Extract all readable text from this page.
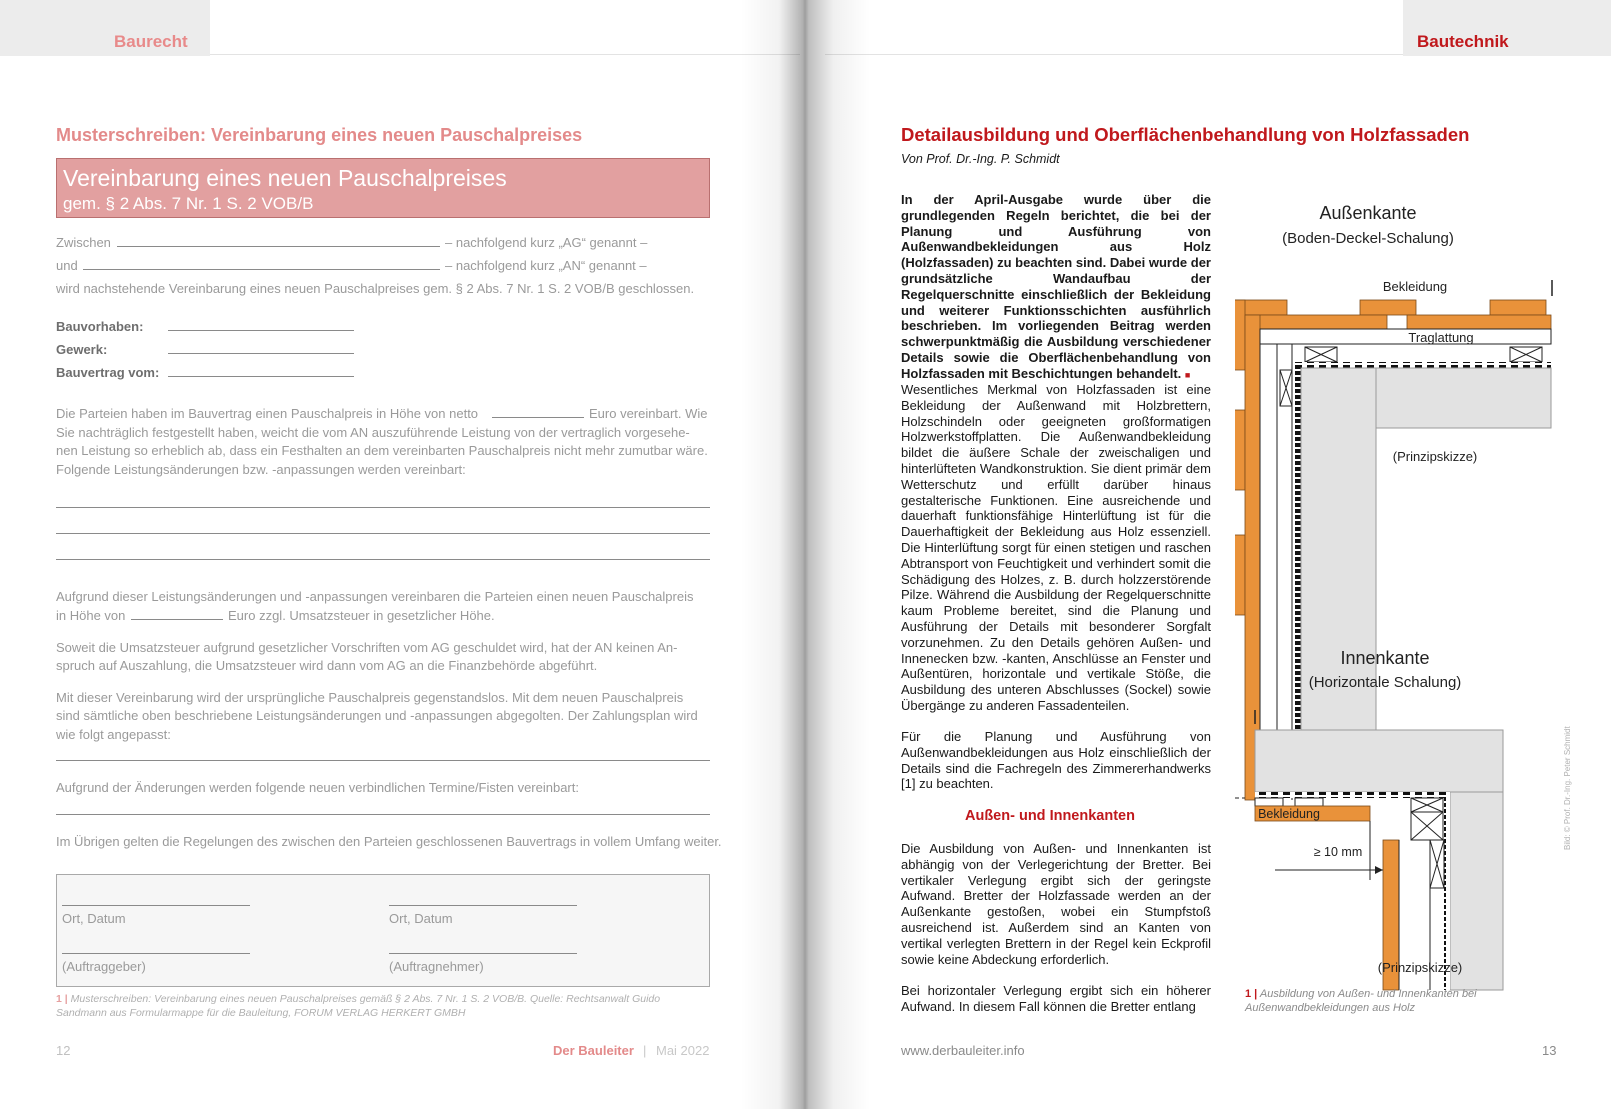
Baurecht
Musterschreiben: Vereinbarung eines neuen Pauschalpreises
Vereinbarung eines neuen Pauschalpreises
gem. § 2 Abs. 7 Nr. 1 S. 2 VOB/B
Zwischen	– nachfolgend kurz „AG“ genannt –
und	– nachfolgend kurz „AN“ genannt –
wird nachstehende Vereinbarung eines neuen Pauschalpreises gem. § 2 Abs. 7 Nr. 1 S. 2 VOB/B geschlossen.
Bauvorhaben:
Gewerk:
Bauvertrag vom:
Die Parteien haben im Bauvertrag einen Pauschalpreis in Höhe von netto	Euro vereinbart. Wie
Sie nachträglich festgestellt haben, weicht die vom AN auszuführende Leistung von der vertraglich vorgesehe-
nen Leistung so erheblich ab, dass ein Festhalten an dem vereinbarten Pauschalpreis nicht mehr zumutbar wäre.
Folgende Leistungsänderungen bzw. -anpassungen werden vereinbart:
Aufgrund dieser Leistungsänderungen und -anpassungen vereinbaren die Parteien einen neuen Pauschalpreis
in Höhe von	Euro zzgl. Umsatzsteuer in gesetzlicher Höhe.
Soweit die Umsatzsteuer aufgrund gesetzlicher Vorschriften vom AG geschuldet wird, hat der AN keinen An-
spruch auf Auszahlung, die Umsatzsteuer wird dann vom AG an die Finanzbehörde abgeführt.
Mit dieser Vereinbarung wird der ursprüngliche Pauschalpreis gegenstandslos. Mit dem neuen Pauschalpreis
sind sämtliche oben beschriebene Leistungsänderungen und -anpassungen abgegolten. Der Zahlungsplan wird
wie folgt angepasst:
Aufgrund der Änderungen werden folgende neuen verbindlichen Termine/Fisten vereinbart:
Im Übrigen gelten die Regelungen des zwischen den Parteien geschlossenen Bauvertrags in vollem Umfang weiter.
Ort, Datum	Ort, Datum
(Auftraggeber)	(Auftragnehmer)
1 | Musterschreiben: Vereinbarung eines neuen Pauschalpreises gemäß § 2 Abs. 7 Nr. 1 S. 2 VOB/B. Quelle: Rechtsanwalt Guido
Sandmann aus Formularmappe für die Bauleitung, FORUM VERLAG HERKERT GMBH
12	Der Bauleiter | Mai 2022
Bautechnik
Detailausbildung und Oberflächenbehandlung von Holzfassaden
Von Prof. Dr.-Ing. P. Schmidt
In der April-Ausgabe wurde über die grundlegenden Regeln berichtet, die bei der Planung und Ausführung von Außenwandbekleidungen aus Holz (Holzfassaden) zu beachten sind. Dabei wurde der grundsätzliche Wandaufbau der Regelquerschnitte einschließlich der Bekleidung und weiterer Funktionsschichten ausführlich beschrieben. Im vorliegenden Beitrag werden schwerpunktmäßig die Ausbildung verschiedener Details sowie die Oberflächenbehandlung von Holzfassaden mit Beschichtungen behandelt. ■
Wesentliches Merkmal von Holzfassaden ist eine Bekleidung der Außenwand mit Holzbrettern, Holzschindeln oder geeigneten großformatigen Holzwerkstoffplatten. Die Außenwandbekleidung bildet die äußere Schale der zweischaligen und hinterlüfteten Wandkonstruktion. Sie dient primär dem Wetterschutz und erfüllt darüber hinaus gestalterische Funktionen. Eine ausreichende und dauerhaft funktionsfähige Hinterlüftung ist für die Dauerhaftigkeit der Bekleidung aus Holz essenziell. Die Hinterlüftung sorgt für einen stetigen und raschen Abtransport von Feuchtigkeit und verhindert somit die Schädigung des Holzes, z. B. durch holzzerstörende Pilze. Während die Ausbildung der Regelquerschnitte kaum Probleme bereitet, sind die Planung und Ausführung der Details mit besonderer Sorgfalt vorzunehmen. Zu den Details gehören Außen- und Innenecken bzw. -kanten, Anschlüsse an Fenster und Außentüren, horizontale und vertikale Stöße, die Ausbildung des unteren Abschlusses (Sockel) sowie Übergänge zu anderen Fassadenteilen.
Für die Planung und Ausführung von Außenwandbekleidungen aus Holz einschließlich der Details sind die Fachregeln des Zimmererhandwerks [1] zu beachten.
Außen- und Innenkanten
Die Ausbildung von Außen- und Innenkanten ist abhängig von der Verlegerichtung der Bretter. Bei vertikaler Verlegung ergibt sich der geringste Aufwand. Bretter der Holzfassade werden an der Außenkante gestoßen, wobei ein Stumpfstoß ausreichend ist. Außerdem sind an Kanten von vertikal verlegten Brettern in der Regel kein Eckprofil sowie keine Abdeckung erforderlich.
Bei horizontaler Verlegung ergibt sich ein höherer Aufwand. In diesem Fall können die Bretter entlang
Außenkante
(Boden-Deckel-Schalung)
Bekleidung
Traglattung
(Prinzipskizze)
Innenkante
(Horizontale Schalung)
Bekleidung
≥ 10 mm
(Prinzipskizze)
1 | Ausbildung von Außen- und Innenkanten bei Außenwandbekleidungen aus Holz
Bild: © Prof. Dr.-Ing. Peter Schmidt
www.derbauleiter.info	13
